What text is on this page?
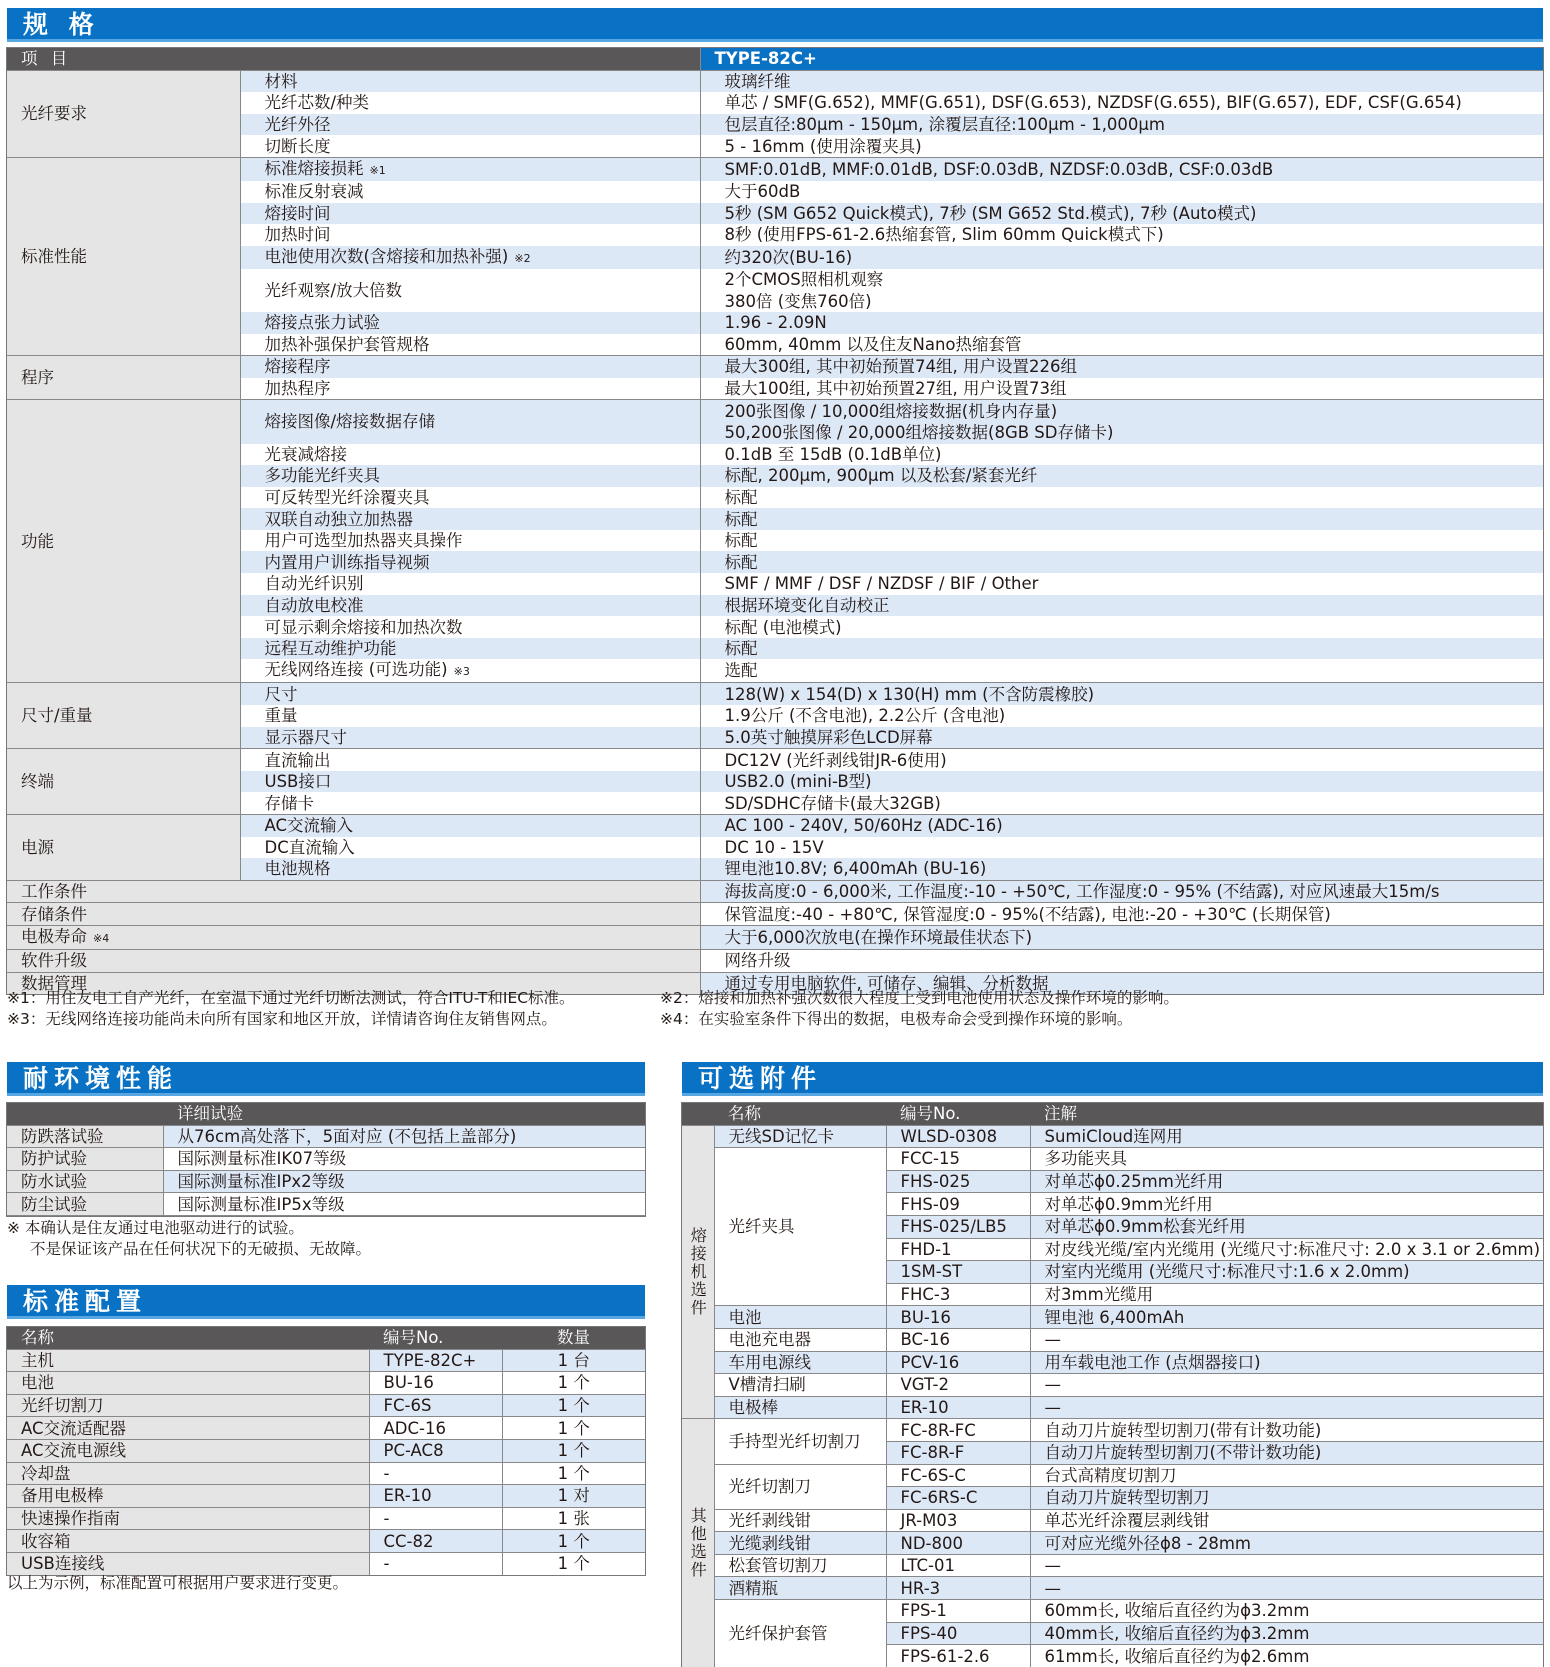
规 格
项 目		TYPE-82C+
光纤要求	材料	玻璃纤维
	光纤芯数/种类	单芯 / SMF(G.652), MMF(G.651), DSF(G.653), NZDSF(G.655), BIF(G.657), EDF, CSF(G.654)
	光纤外径	包层直径:80μm - 150μm, 涂覆层直径:100μm - 1,000μm
	切断长度	5 - 16mm (使用涂覆夹具)
标准性能	标准熔接损耗 ※1	SMF:0.01dB, MMF:0.01dB, DSF:0.03dB, NZDSF:0.03dB, CSF:0.03dB
	标准反射衰减	大于60dB
	熔接时间	5秒 (SM G652 Quick模式), 7秒 (SM G652 Std.模式), 7秒 (Auto模式)
	加热时间	8秒 (使用FPS-61-2.6热缩套管, Slim 60mm Quick模式下)
	电池使用次数(含熔接和加热补强) ※2	约320次(BU-16)
	光纤观察/放大倍数	2个CMOS照相机观察
		380倍 (变焦760倍)
	熔接点张力试验	1.96 - 2.09N
	加热补强保护套管规格	60mm, 40mm 以及住友Nano热缩套管
程序	熔接程序	最大300组, 其中初始预置74组, 用户设置226组
	加热程序	最大100组, 其中初始预置27组, 用户设置73组
功能	熔接图像/熔接数据存储	200张图像 / 10,000组熔接数据(机身内存量)
		50,200张图像 / 20,000组熔接数据(8GB SD存储卡)
	光衰减熔接	0.1dB 至 15dB (0.1dB单位)
	多功能光纤夹具	标配, 200μm, 900μm 以及松套/紧套光纤
	可反转型光纤涂覆夹具	标配
	双联自动独立加热器	标配
	用户可选型加热器夹具操作	标配
	内置用户训练指导视频	标配
	自动光纤识别	SMF / MMF / DSF / NZDSF / BIF / Other
	自动放电校准	根据环境变化自动校正
	可显示剩余熔接和加热次数	标配 (电池模式)
	远程互动维护功能	标配
	无线网络连接 (可选功能) ※3	选配
尺寸/重量	尺寸	128(W) x 154(D) x 130(H) mm (不含防震橡胶)
	重量	1.9公斤 (不含电池), 2.2公斤 (含电池)
	显示器尺寸	5.0英寸触摸屏彩色LCD屏幕
终端	直流输出	DC12V (光纤剥线钳JR-6使用)
	USB接口	USB2.0 (mini-B型)
	存储卡	SD/SDHC存储卡(最大32GB)
电源	AC交流输入	AC 100 - 240V, 50/60Hz (ADC-16)
	DC直流输入	DC 10 - 15V
	电池规格	锂电池10.8V; 6,400mAh (BU-16)
工作条件		海拔高度:0 - 6,000米, 工作温度:-10 - +50℃, 工作湿度:0 - 95% (不结露), 对应风速最大15m/s
存储条件		保管温度:-40 - +80℃, 保管湿度:0 - 95%(不结露), 电池:-20 - +30℃ (长期保管)
电极寿命 ※4		大于6,000次放电(在操作环境最佳状态下)
软件升级		网络升级
数据管理		通过专用电脑软件, 可储存、编辑、分析数据
※1：用住友电工自产光纤，在室温下通过光纤切断法测试，符合ITU-T和IEC标准。	※2：熔接和加热补强次数很大程度上受到电池使用状态及操作环境的影响。
※3：无线网络连接功能尚未向所有国家和地区开放，详情请咨询住友销售网点。	※4：在实验室条件下得出的数据，电极寿命会受到操作环境的影响。
耐环境性能
	详细试验
防跌落试验	从76cm高处落下，5面对应 (不包括上盖部分)
防护试验	国际测量标准IK07等级
防水试验	国际测量标准IPx2等级
防尘试验	国际测量标准IP5x等级
※ 本确认是住友通过电池驱动进行的试验。
不是保证该产品在任何状况下的无破损、无故障。
标准配置
名称	编号No.	数量
主机	TYPE-82C+	1 台
电池	BU-16	1 个
光纤切割刀	FC-6S	1 个
AC交流适配器	ADC-16	1 个
AC交流电源线	PC-AC8	1 个
冷却盘	-	1 个
备用电极棒	ER-10	1 对
快速操作指南	-	1 张
收容箱	CC-82	1 个
USB连接线	-	1 个
以上为示例，标准配置可根据用户要求进行变更。
可选附件
	名称	编号No.	注解
熔接机选件	无线SD记忆卡	WLSD-0308	SumiCloud连网用
	光纤夹具	FCC-15	多功能夹具
		FHS-025	对单芯ϕ0.25mm光纤用
		FHS-09	对单芯ϕ0.9mm光纤用
		FHS-025/LB5	对单芯ϕ0.9mm松套光纤用
		FHD-1	对皮线光缆/室内光缆用 (光缆尺寸:标准尺寸: 2.0 x 3.1 or 2.6mm)
		1SM-ST	对室内光缆用 (光缆尺寸:标准尺寸:1.6 x 2.0mm)
		FHC-3	对3mm光缆用
	电池	BU-16	锂电池 6,400mAh
	电池充电器	BC-16	—
	车用电源线	PCV-16	用车载电池工作 (点烟器接口)
	V槽清扫刷	VGT-2	—
	电极棒	ER-10	—
其他选件	手持型光纤切割刀	FC-8R-FC	自动刀片旋转型切割刀(带有计数功能)
		FC-8R-F	自动刀片旋转型切割刀(不带计数功能)
	光纤切割刀	FC-6S-C	台式高精度切割刀
		FC-6RS-C	自动刀片旋转型切割刀
	光纤剥线钳	JR-M03	单芯光纤涂覆层剥线钳
	光缆剥线钳	ND-800	可对应光缆外径ϕ8 - 28mm
	松套管切割刀	LTC-01	—
	酒精瓶	HR-3	—
	光纤保护套管	FPS-1	60mm长, 收缩后直径约为ϕ3.2mm
		FPS-40	40mm长, 收缩后直径约为ϕ3.2mm
		FPS-61-2.6	61mm长, 收缩后直径约为ϕ2.6mm
